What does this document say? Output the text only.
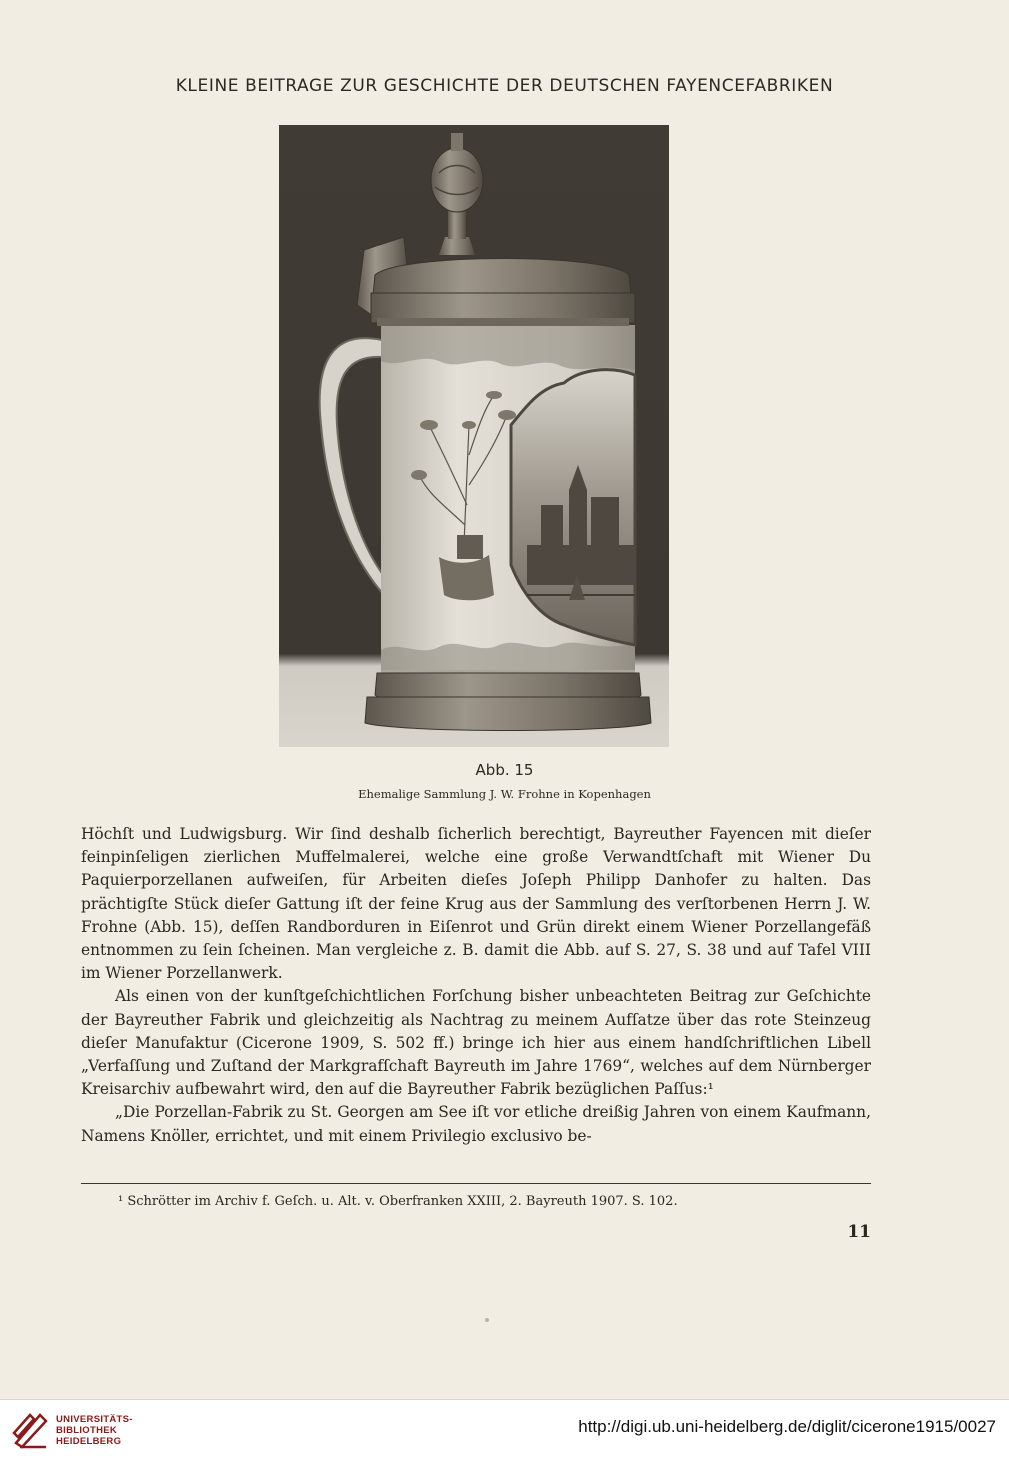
KLEINE BEITRAGE ZUR GESCHICHTE DER DEUTSCHEN FAYENCEFABRIKEN
Abb. 15
Ehemalige Sammlung J. W. Frohne in Kopenhagen

Höchſt und Ludwigsburg. Wir ſind deshalb ſicherlich berechtigt, Bayreuther Fayencen mit dieſer feinpinſeligen zierlichen Muffelmalerei, welche eine große Verwandtſchaft mit Wiener Du Paquierporzellanen aufweiſen, für Arbeiten dieſes Joſeph Philipp Danhofer zu halten. Das prächtigſte Stück dieſer Gattung iſt der feine Krug aus der Sammlung des verſtorbenen Herrn J. W. Frohne (Abb. 15), deſſen Randborduren in Eiſenrot und Grün direkt einem Wiener Porzellangefäß entnommen zu ſein ſcheinen. Man vergleiche z. B. damit die Abb. auf S. 27, S. 38 und auf Tafel VIII im Wiener Porzellanwerk.

Als einen von der kunſtgeſchichtlichen Forſchung bisher unbeachteten Beitrag zur Geſchichte der Bayreuther Fabrik und gleichzeitig als Nachtrag zu meinem Aufſatze über das rote Steinzeug dieſer Manufaktur (Cicerone 1909, S. 502 ff.) bringe ich hier aus einem handſchriftlichen Libell „Verfaſſung und Zuſtand der Markgrafſchaft Bayreuth im Jahre 1769“, welches auf dem Nürnberger Kreisarchiv aufbewahrt wird, den auf die Bayreuther Fabrik bezüglichen Paſſus:¹

„Die Porzellan-Fabrik zu St. Georgen am See iſt vor etliche dreißig Jahren von einem Kaufmann, Namens Knöller, errichtet, und mit einem Privilegio exclusivo be-

¹ Schrötter im Archiv f. Geſch. u. Alt. v. Oberfranken XXIII, 2. Bayreuth 1907. S. 102.
11
UNIVERSITÄTS-
BIBLIOTHEK
HEIDELBERG
http://digi.ub.uni-heidelberg.de/diglit/cicerone1915/0027
